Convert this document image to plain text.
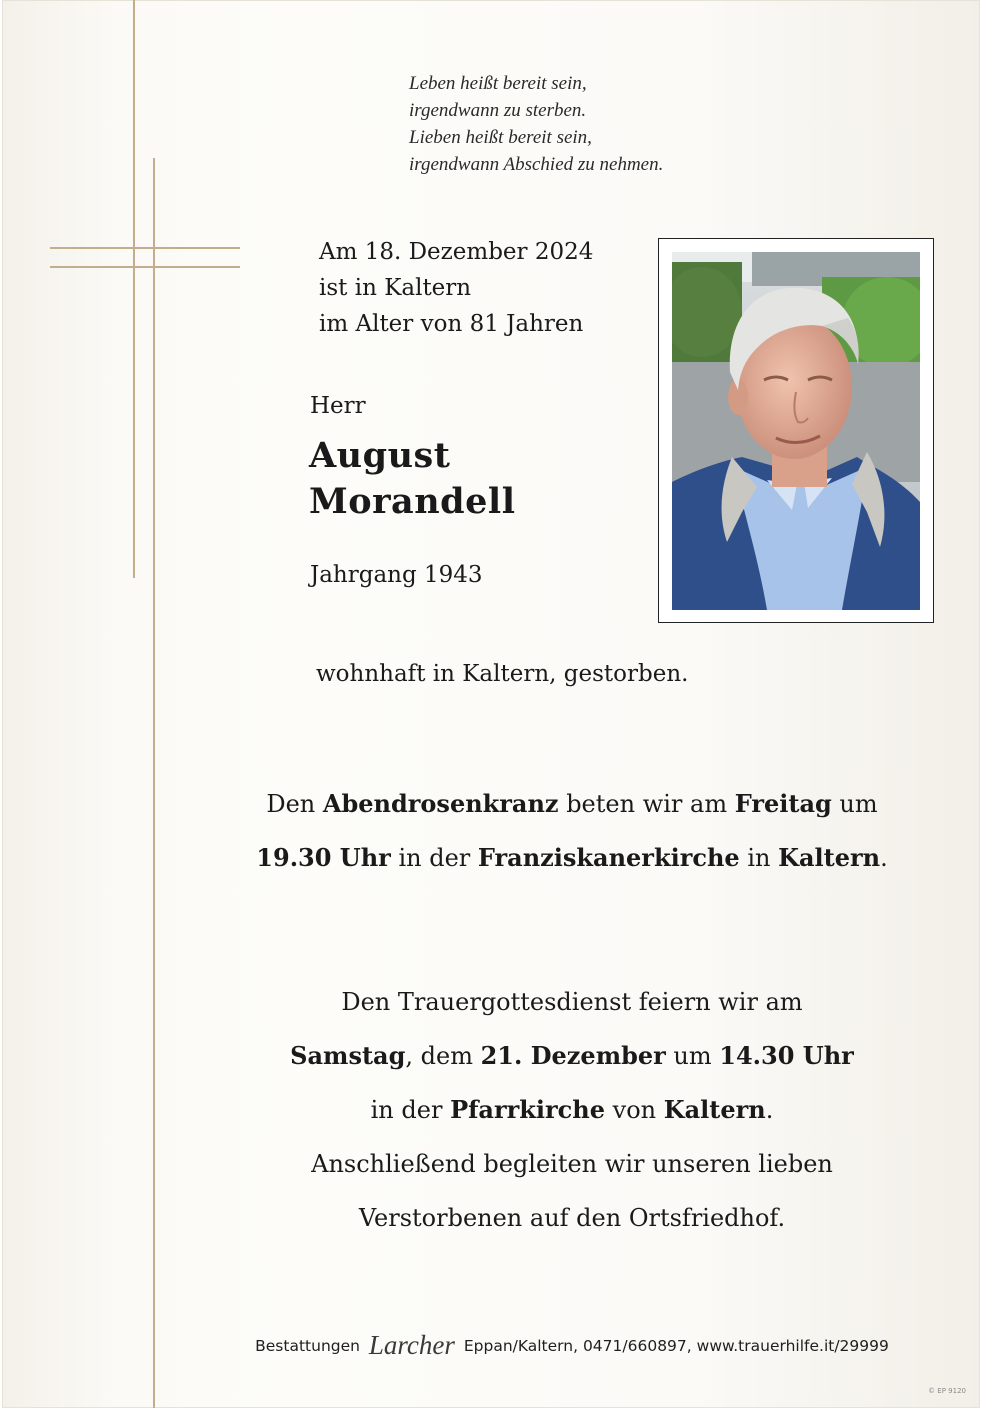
Leben heißt bereit sein,
irgendwann zu sterben.
Lieben heißt bereit sein,
irgendwann Abschied zu nehmen.
Am 18. Dezember 2024
ist in Kaltern
im Alter von 81 Jahren
Herr
August
Morandell
Jahrgang 1943
wohnhaft in Kaltern, gestorben.
Den Abendrosenkranz beten wir am Freitag um
19.30 Uhr in der Franziskanerkirche in Kaltern.
Den Trauergottesdienst feiern wir am
Samstag, dem 21. Dezember um 14.30 Uhr
in der Pfarrkirche von Kaltern.
Anschließend begleiten wir unseren lieben
Verstorbenen auf den Ortsfriedhof.
Bestattungen Larcher Eppan/Kaltern, 0471/660897, www.trauerhilfe.it/29999
© EP 9120
